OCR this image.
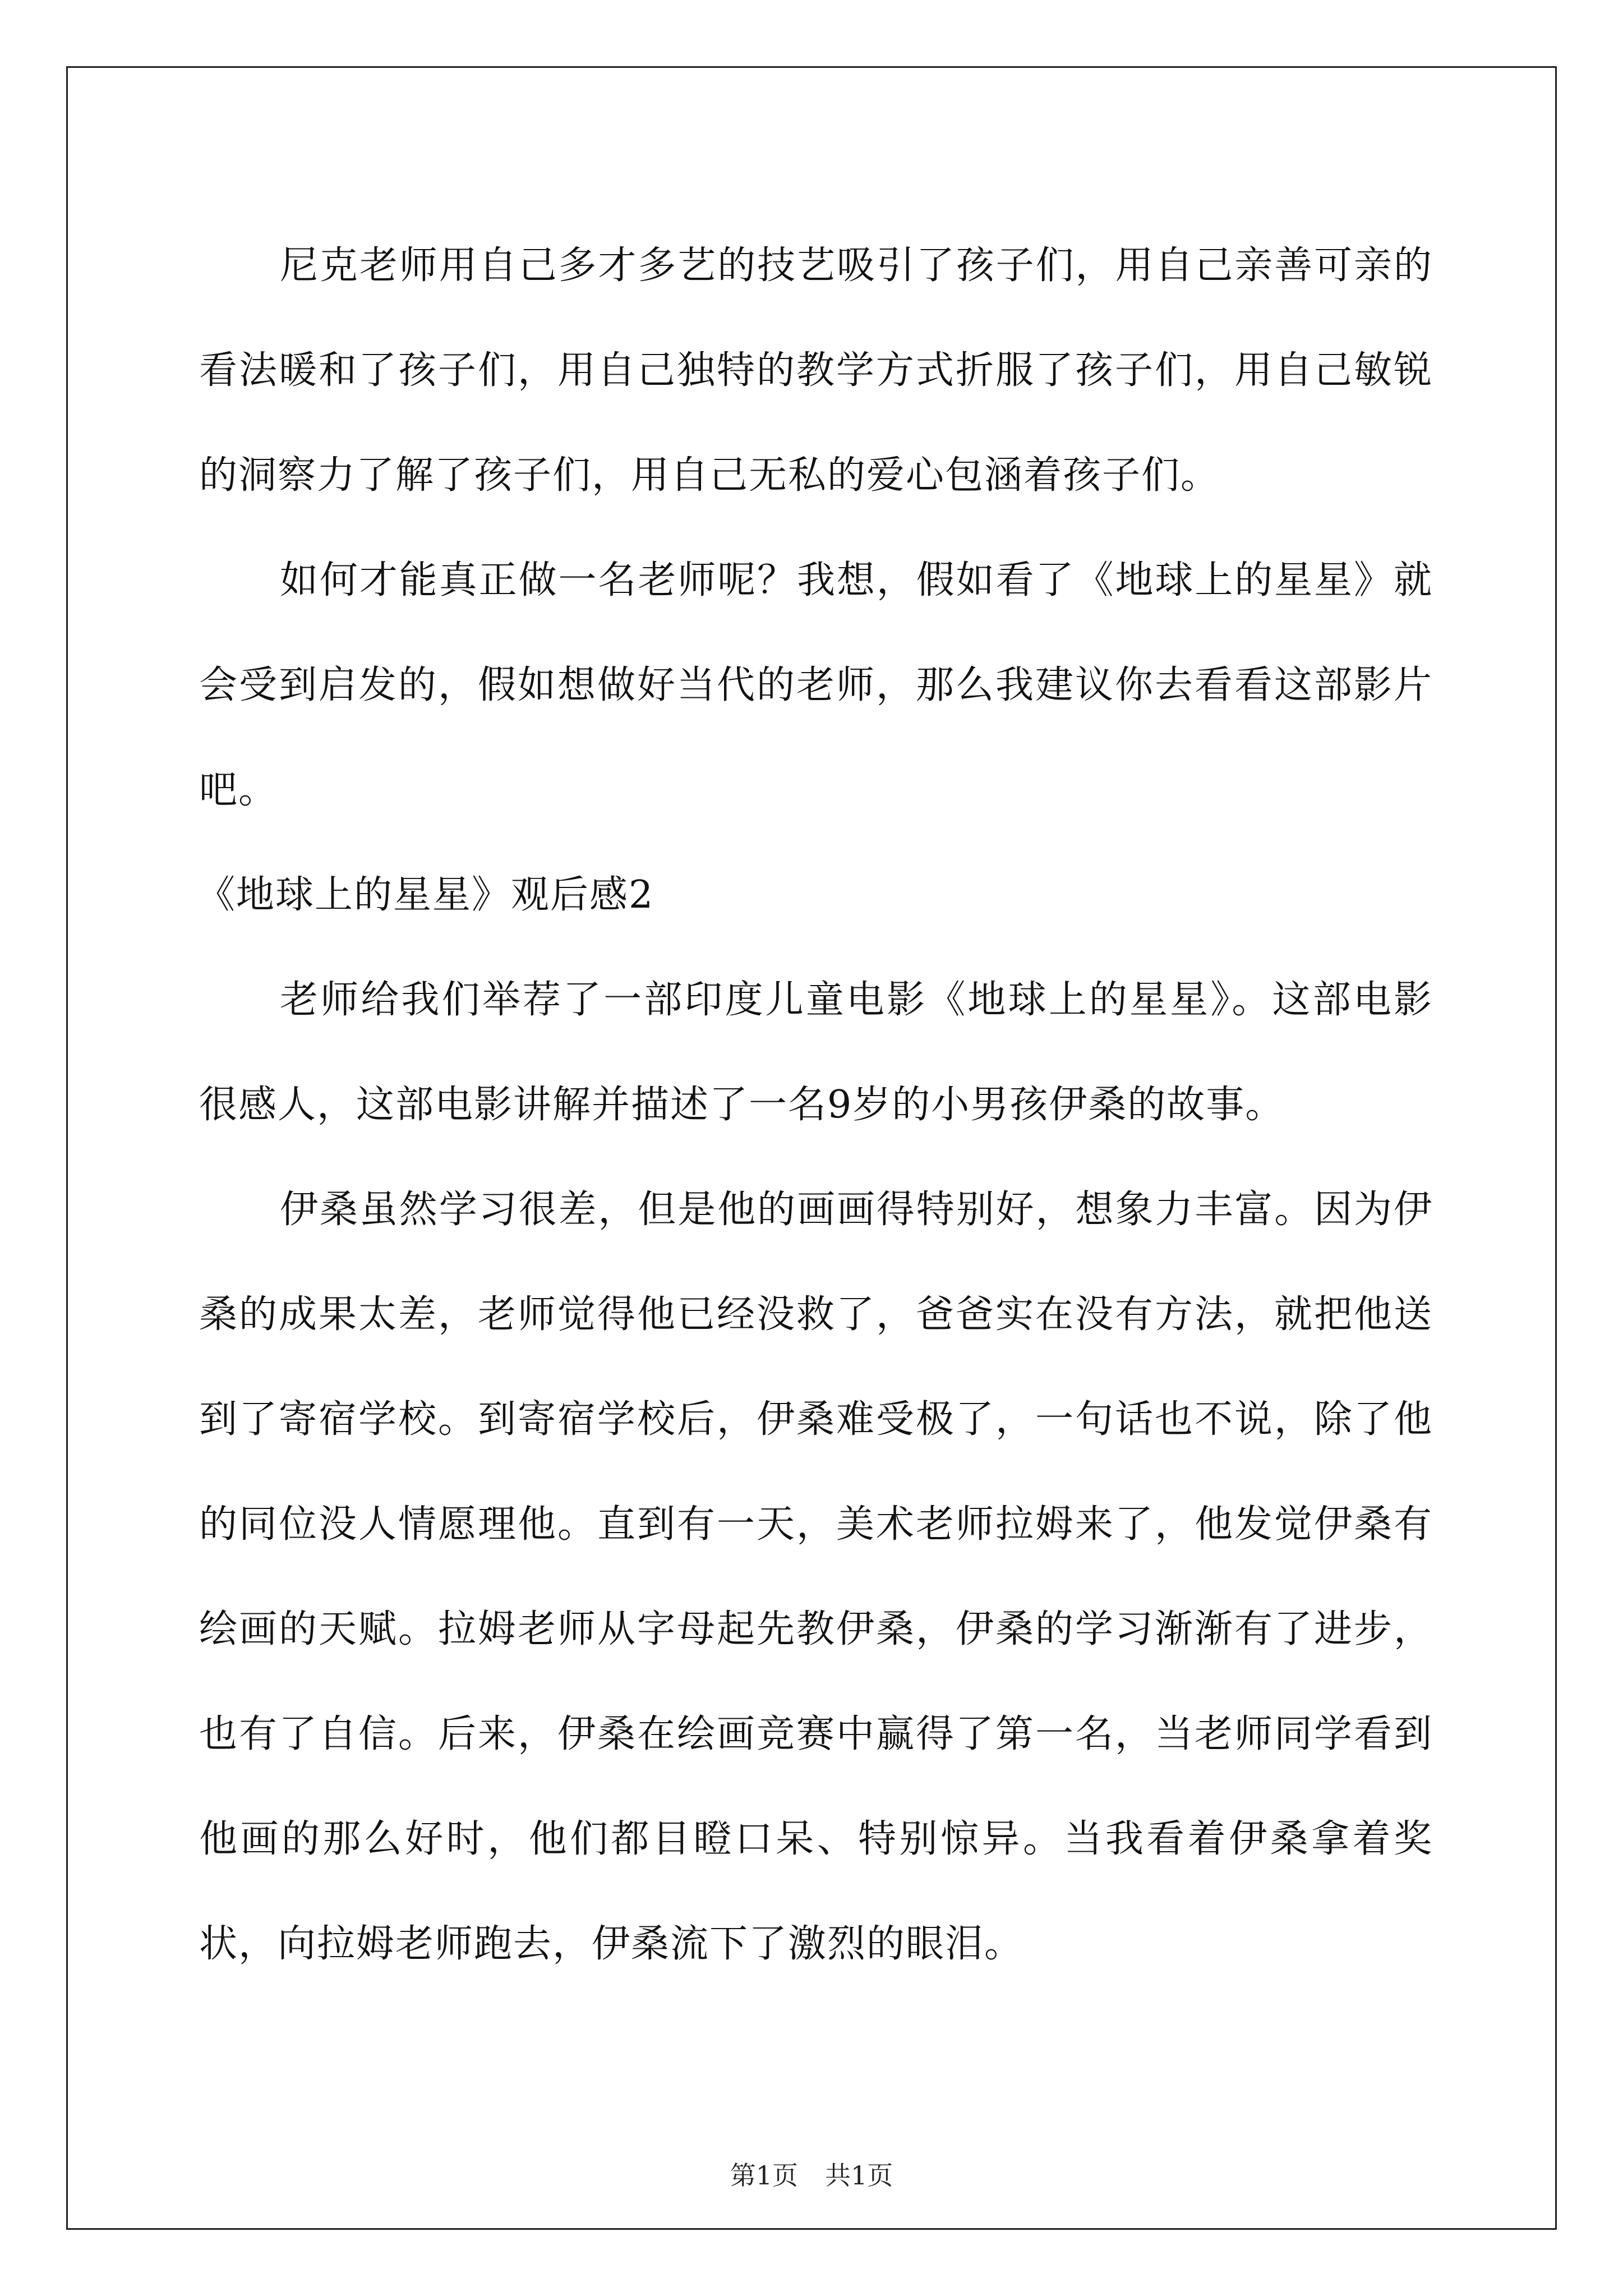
尼克老师用自己多才多艺的技艺吸引了孩子们，用自己亲善可亲的看法暖和了孩子们，用自己独特的教学方式折服了孩子们，用自己敏锐的洞察力了解了孩子们，用自己无私的爱心包涵着孩子们。

如何才能真正做一名老师呢？我想，假如看了《地球上的星星》就会受到启发的，假如想做好当代的老师，那么我建议你去看看这部影片吧。

《地球上的星星》观后感2

老师给我们举荐了一部印度儿童电影《地球上的星星》。这部电影很感人，这部电影讲解并描述了一名9岁的小男孩伊桑的故事。

伊桑虽然学习很差，但是他的画画得特别好，想象力丰富。因为伊桑的成果太差，老师觉得他已经没救了，爸爸实在没有方法，就把他送到了寄宿学校。到寄宿学校后，伊桑难受极了，一句话也不说，除了他的同位没人情愿理他。直到有一天，美术老师拉姆来了，他发觉伊桑有绘画的天赋。拉姆老师从字母起先教伊桑，伊桑的学习渐渐有了进步，也有了自信。后来，伊桑在绘画竞赛中赢得了第一名，当老师同学看到他画的那么好时，他们都目瞪口呆、特别惊异。当我看着伊桑拿着奖状，向拉姆老师跑去，伊桑流下了激烈的眼泪。

第1页 共1页
